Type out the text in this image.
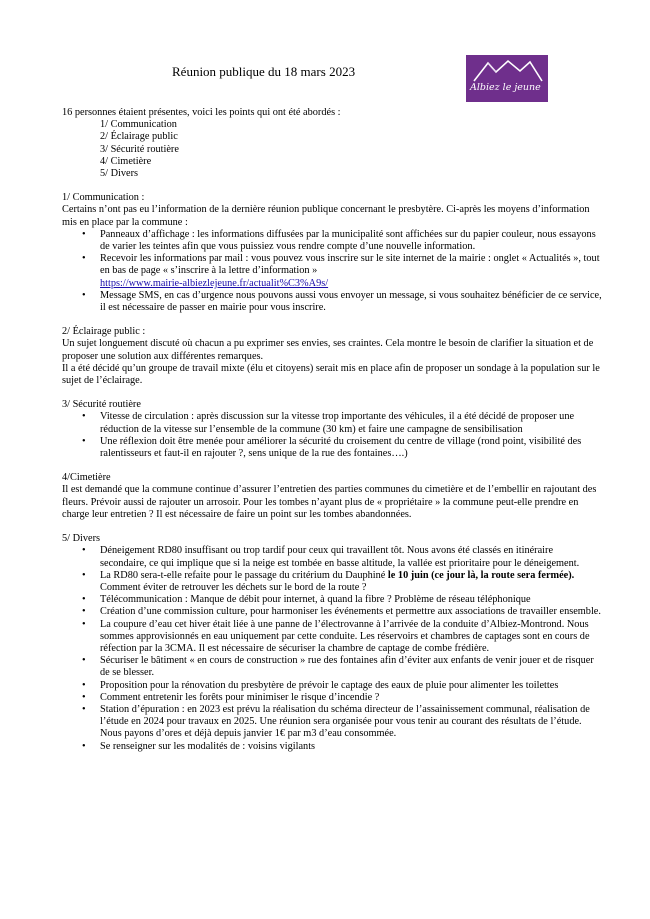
Réunion publique du 18 mars 2023
Albiez le jeune

16 personnes étaient présentes, voici les points qui ont été abordés :

1/ Communication

2/ Éclairage public

3/ Sécurité routière

4/ Cimetière

5/ Divers

1/ Communication :

Certains n’ont pas eu l’information de la dernière réunion publique concernant le presbytère. Ci-après les moyens d’information mis en place par la commune :

• Panneaux d’affichage : les informations diffusées par la municipalité sont affichées sur du papier couleur, nous essayons de varier les teintes afin que vous puissiez vous rendre compte d’une nouvelle information.
• Recevoir les informations par mail : vous pouvez vous inscrire sur le site internet de la mairie : onglet « Actualités », tout en bas de page « s’inscrire à la lettre d’information »
https://www.mairie-albiezlejeune.fr/actualit%C3%A9s/
• Message SMS, en cas d’urgence nous pouvons aussi vous envoyer un message, si vous souhaitez bénéficier de ce service, il est nécessaire de passer en mairie pour vous inscrire.

2/ Éclairage public :

Un sujet longuement discuté où chacun a pu exprimer ses envies, ses craintes. Cela montre le besoin de clarifier la situation et de proposer une solution aux différentes remarques.

Il a été décidé qu’un groupe de travail mixte (élu et citoyens) serait mis en place afin de proposer un sondage à la population sur le sujet de l’éclairage.

3/ Sécurité routière

• Vitesse de circulation : après discussion sur la vitesse trop importante des véhicules, il a été décidé de proposer une réduction de la vitesse sur l’ensemble de la commune (30 km) et faire une campagne de sensibilisation
• Une réflexion doit être menée pour améliorer la sécurité du croisement du centre de village (rond point, visibilité des ralentisseurs et faut-il en rajouter ?, sens unique de la rue des fontaines….)

4/Cimetière

Il est demandé que la commune continue d’assurer l’entretien des parties communes du cimetière et de l’embellir en rajoutant des fleurs. Prévoir aussi de rajouter un arrosoir. Pour les tombes n’ayant plus de « propriétaire » la commune peut-elle prendre en charge leur entretien ? Il est nécessaire de faire un point sur les tombes abandonnées.

5/ Divers

• Déneigement RD80 insuffisant ou trop tardif pour ceux qui travaillent tôt. Nous avons été classés en itinéraire secondaire, ce qui implique que si la neige est tombée en basse altitude, la vallée est prioritaire pour le déneigement.
• La RD80 sera-t-elle refaite pour le passage du critérium du Dauphiné le 10 juin (ce jour là, la route sera fermée). Comment éviter de retrouver les déchets sur le bord de la route ?
• Télécommunication : Manque de débit pour internet, à quand la fibre ? Problème de réseau téléphonique
• Création d’une commission culture, pour harmoniser les événements et permettre aux associations de travailler ensemble.
• La coupure d’eau cet hiver était liée à une panne de l’électrovanne à l’arrivée de la conduite d’Albiez-Montrond. Nous sommes approvisionnés en eau uniquement par cette conduite. Les réservoirs et chambres de captages sont en cours de réfection par la 3CMA. Il est nécessaire de sécuriser la chambre de captage de combe frédière.
• Sécuriser le bâtiment « en cours de construction » rue des fontaines afin d’éviter aux enfants de venir jouer et de risquer de se blesser.
• Proposition pour la rénovation du presbytère de prévoir le captage des eaux de pluie pour alimenter les toilettes
• Comment entretenir les forêts pour minimiser le risque d’incendie ?
• Station d’épuration : en 2023 est prévu la réalisation du schéma directeur de l’assainissement communal, réalisation de l’étude en 2024 pour travaux en 2025. Une réunion sera organisée pour vous tenir au courant des résultats de l’étude. Nous payons d’ores et déjà depuis janvier 1€ par m3 d’eau consommée.
• Se renseigner sur les modalités de : voisins vigilants
